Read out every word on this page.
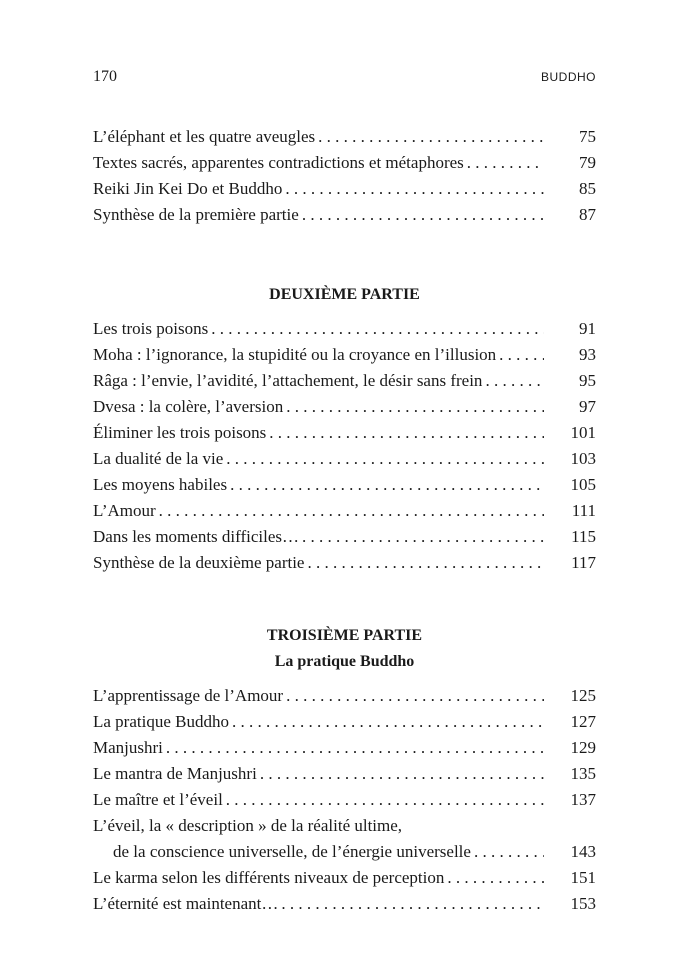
170	BUDDHO
L’éléphant et les quatre aveugles . . .	75
Textes sacrés, apparentes contradictions et métaphores . . .	79
Reiki Jin Kei Do et Buddho . . .	85
Synthèse de la première partie . . .	87
DEUXIÈME PARTIE
Les trois poisons . . .	91
Moha : l’ignorance, la stupidité ou la croyance en l’illusion . . .	93
Râga : l’envie, l’avidité, l’attachement, le désir sans frein . . .	95
Dvesa : la colère, l’aversion . . .	97
Éliminer les trois poisons . . .	101
La dualité de la vie . . .	103
Les moyens habiles . . .	105
L’Amour . . .	111
Dans les moments difficiles… . . .	115
Synthèse de la deuxième partie . . .	117
TROISIÈME PARTIE
La pratique Buddho
L’apprentissage de l’Amour . . .	125
La pratique Buddho . . .	127
Manjushri . . .	129
Le mantra de Manjushri . . .	135
Le maître et l’éveil . . .	137
L’éveil, la « description » de la réalité ultime,
de la conscience universelle, de l’énergie universelle . . .	143
Le karma selon les différents niveaux de perception . . .	151
L’éternité est maintenant… . . .	153
